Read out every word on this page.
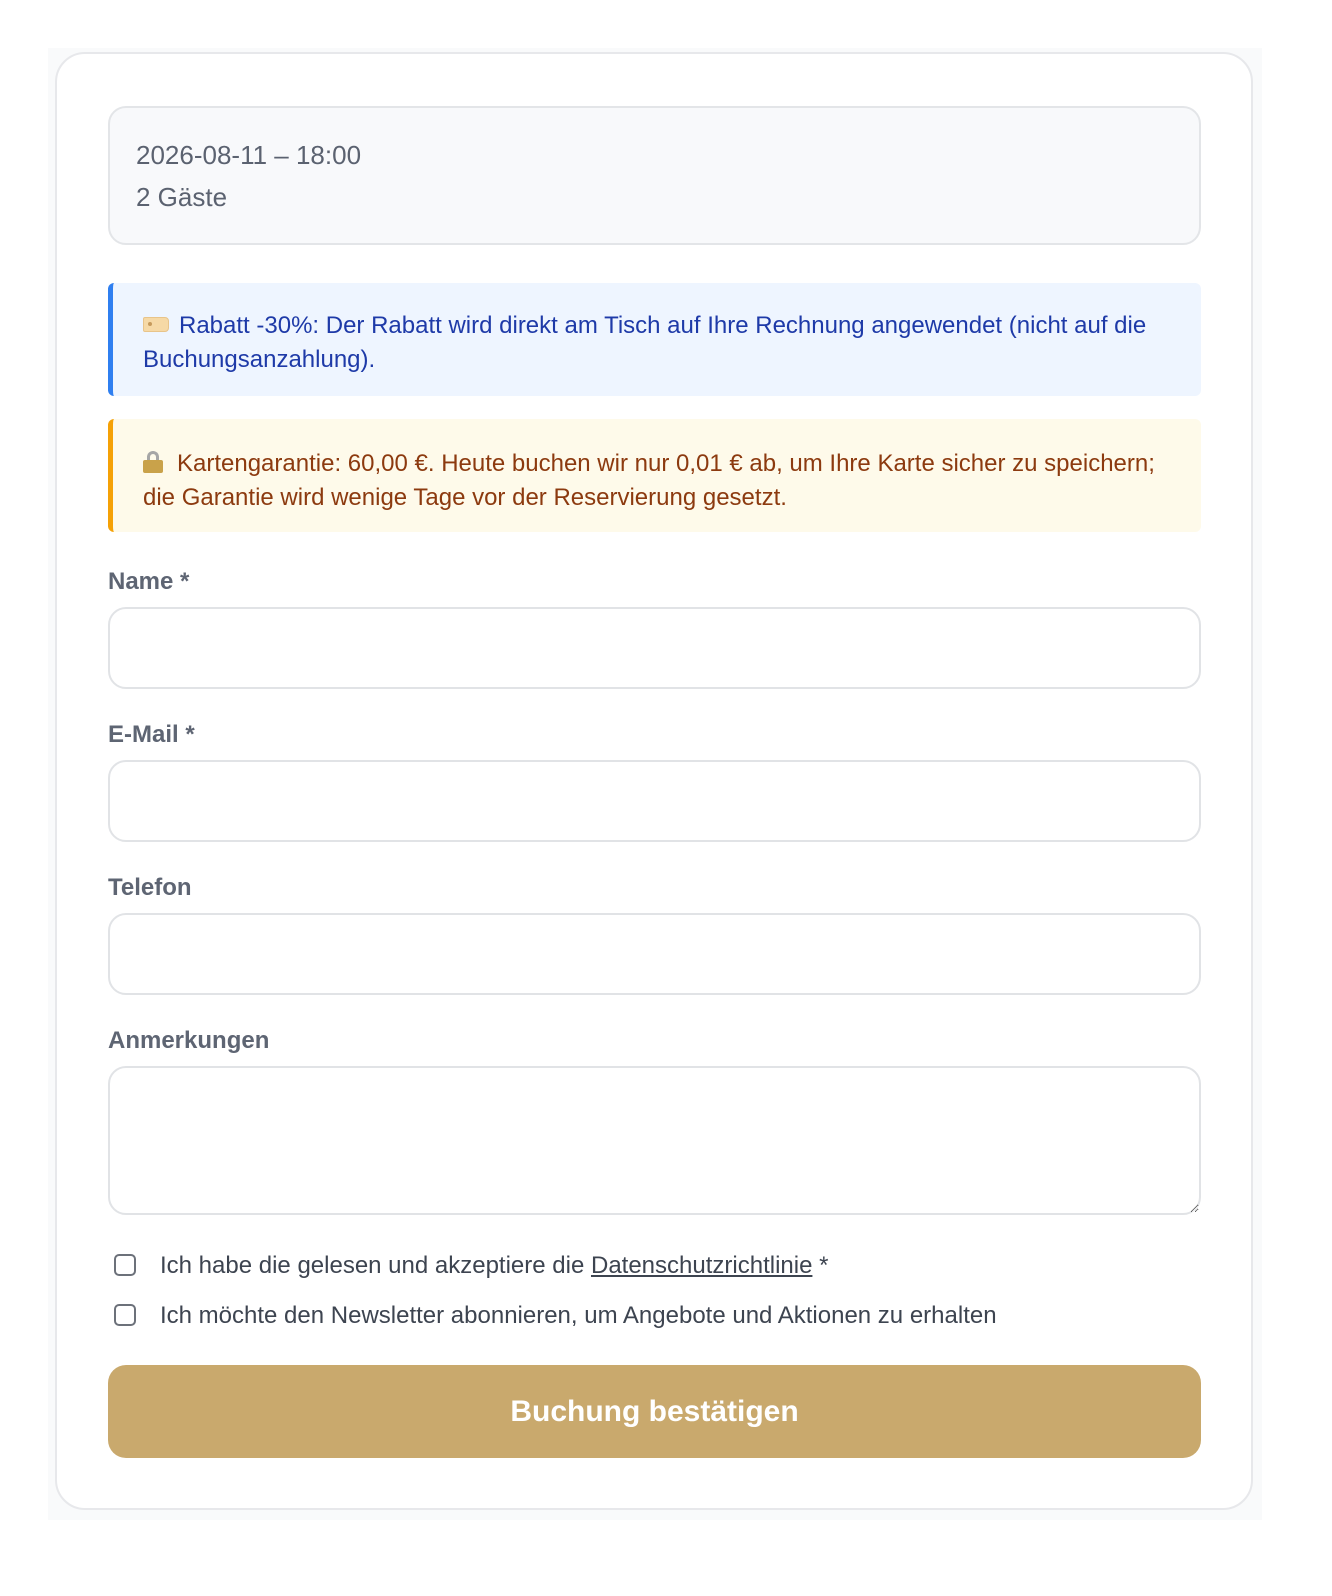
2026-08-11 – 18:00
2 Gäste
Rabatt -30%: Der Rabatt wird direkt am Tisch auf Ihre Rechnung angewendet (nicht auf die Buchungsanzahlung).
Kartengarantie: 60,00 €. Heute buchen wir nur 0,01 € ab, um Ihre Karte sicher zu speichern; die Garantie wird wenige Tage vor der Reservierung gesetzt.
Name *
E-Mail *
Telefon
Anmerkungen
Ich habe die gelesen und akzeptiere die Datenschutzrichtlinie *
Ich möchte den Newsletter abonnieren, um Angebote und Aktionen zu erhalten
Buchung bestätigen
